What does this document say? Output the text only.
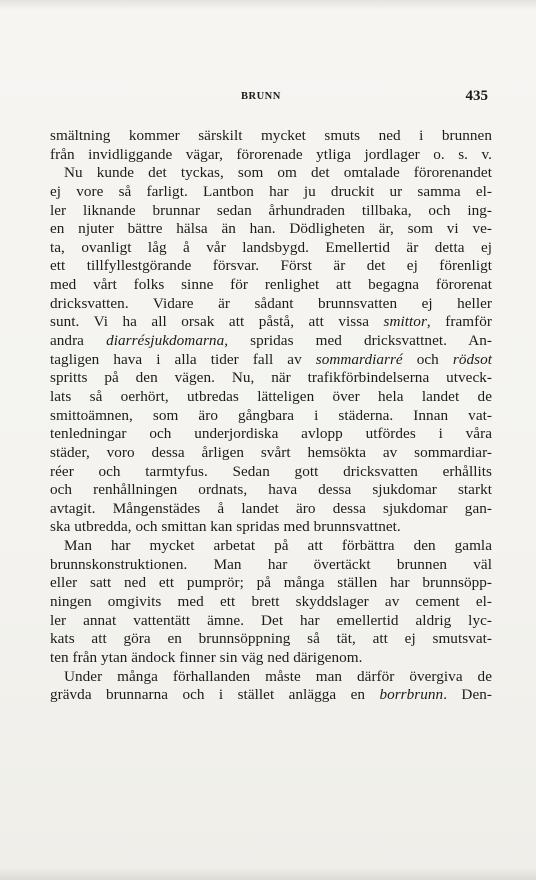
BRUNN	435
smältning kommer särskilt mycket smuts ned i brunnen
från invidliggande vägar, förorenade ytliga jordlager o. s. v.
Nu kunde det tyckas, som om det omtalade förorenandet
ej vore så farligt. Lantbon har ju druckit ur samma el-
ler liknande brunnar sedan århundraden tillbaka, och ing-
en njuter bättre hälsa än han. Dödligheten är, som vi ve-
ta, ovanligt låg å vår landsbygd. Emellertid är detta ej
ett tillfyllestgörande försvar. Först är det ej förenligt
med vårt folks sinne för renlighet att begagna förorenat
dricksvatten. Vidare är sådant brunnsvatten ej heller
sunt. Vi ha all orsak att påstå, att vissa smittor, framför
andra diarrésjukdomarna, spridas med dricksvattnet. An-
tagligen hava i alla tider fall av sommardiarré och rödsot
spritts på den vägen. Nu, när trafikförbindelserna utveck-
lats så oerhört, utbredas lätteligen över hela landet de
smittoämnen, som äro gångbara i städerna. Innan vat-
tenledningar och underjordiska avlopp utfördes i våra
städer, voro dessa årligen svårt hemsökta av sommardiar-
réer och tarmtyfus. Sedan gott dricksvatten erhållits
och renhållningen ordnats, hava dessa sjukdomar starkt
avtagit. Mångenstädes å landet äro dessa sjukdomar gan-
ska utbredda, och smittan kan spridas med brunnsvattnet.
Man har mycket arbetat på att förbättra den gamla
brunnskonstruktionen. Man har övertäckt brunnen väl
eller satt ned ett pumprör; på många ställen har brunnsöpp-
ningen omgivits med ett brett skyddslager av cement el-
ler annat vattentätt ämne. Det har emellertid aldrig lyc-
kats att göra en brunnsöppning så tät, att ej smutsvat-
ten från ytan ändock finner sin väg ned därigenom.
Under många förhallanden måste man därför övergiva de
grävda brunnarna och i stället anlägga en borrbrunn. Den-
